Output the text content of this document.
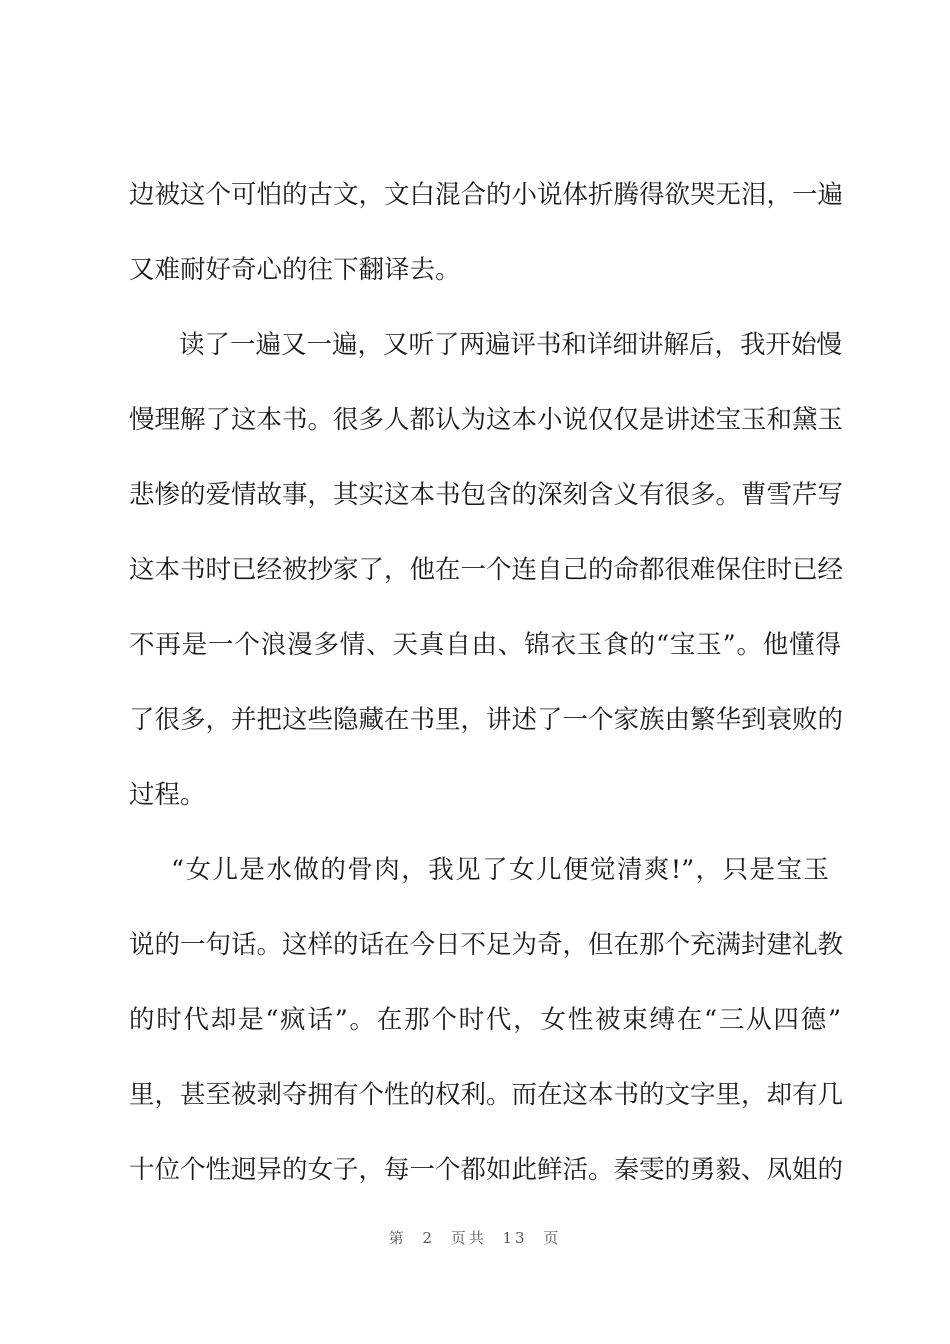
边被这个可怕的古文，文白混合的小说体折腾得欲哭无泪，一遍
又难耐好奇心的往下翻译去。
读了一遍又一遍，又听了两遍评书和详细讲解后，我开始慢
慢理解了这本书。很多人都认为这本小说仅仅是讲述宝玉和黛玉
悲惨的爱情故事，其实这本书包含的深刻含义有很多。曹雪芹写
这本书时已经被抄家了，他在一个连自己的命都很难保住时已经
不再是一个浪漫多情、天真自由、锦衣玉食的“宝玉”。他懂得
了很多，并把这些隐藏在书里，讲述了一个家族由繁华到衰败的
过程。
“女儿是水做的骨肉，我见了女儿便觉清爽!”，只是宝玉
说的一句话。这样的话在今日不足为奇，但在那个充满封建礼教
的时代却是“疯话”。在那个时代，女性被束缚在“三从四德”
里，甚至被剥夺拥有个性的权利。而在这本书的文字里，却有几
十位个性迥异的女子，每一个都如此鲜活。秦雯的勇毅、凤姐的
第 2 页共 13 页
